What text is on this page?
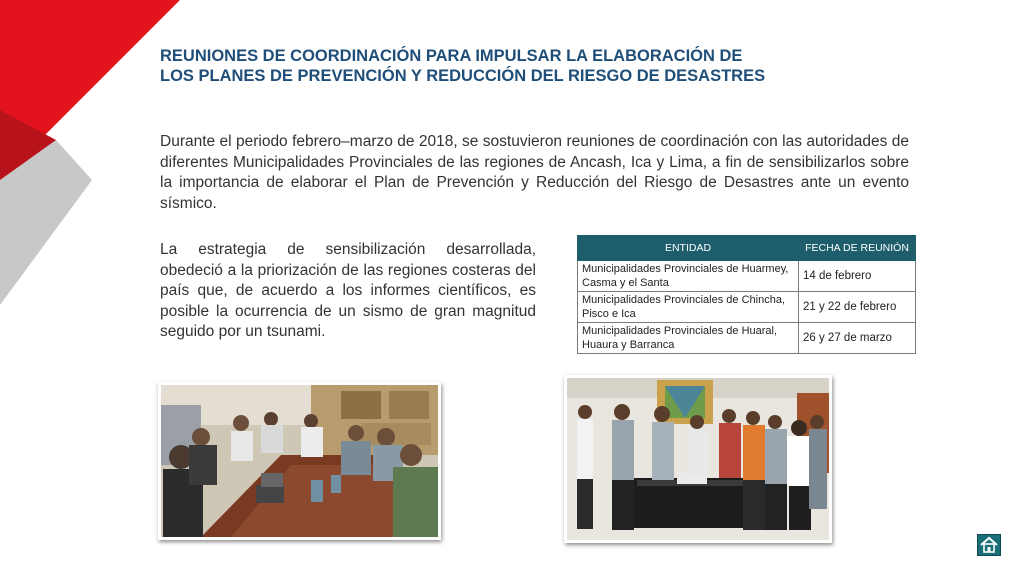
REUNIONES DE COORDINACIÓN PARA IMPULSAR LA ELABORACIÓN DE
LOS PLANES DE PREVENCIÓN Y REDUCCIÓN DEL RIESGO DE DESASTRES

Durante el periodo febrero–marzo de 2018, se sostuvieron reuniones de coordinación con las autoridades de diferentes Municipalidades Provinciales de las regiones de Ancash, Ica y Lima, a fin de sensibilizarlos sobre la importancia de elaborar el Plan de Prevención y Reducción del Riesgo de Desastres ante un evento sísmico.

La estrategia de sensibilización desarrollada, obedeció a la priorización de las regiones costeras del país que, de acuerdo a los informes científicos, es posible la ocurrencia de un sismo de gran magnitud seguido por un tsunami.

ENTIDAD	FECHA DE REUNIÓN
Municipalidades Provinciales de Huarmey, Casma y el Santa	14 de febrero
Municipalidades Provinciales de Chincha, Pisco e Ica	21 y 22 de febrero
Municipalidades Provinciales de Huaral, Huaura y Barranca	26 y 27 de marzo
